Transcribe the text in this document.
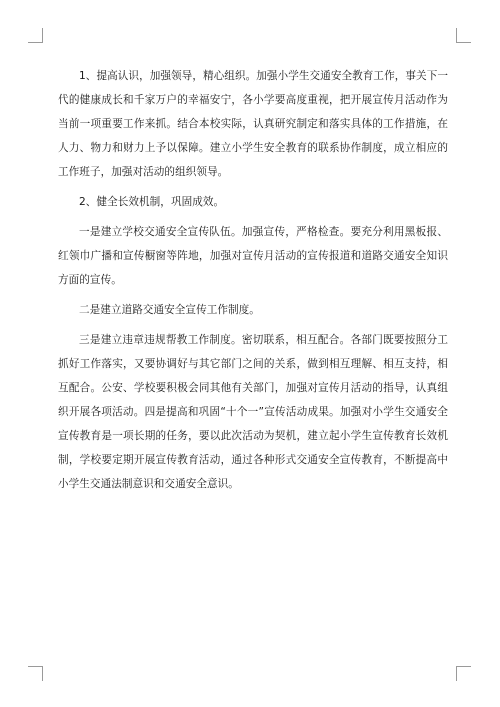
1、提高认识，加强领导，精心组织。加强小学生交通安全教育工作，事关下一代的健康成长和千家万户的幸福安宁，各小学要高度重视，把开展宣传月活动作为当前一项重要工作来抓。结合本校实际，认真研究制定和落实具体的工作措施，在人力、物力和财力上予以保障。建立小学生安全教育的联系协作制度，成立相应的工作班子，加强对活动的组织领导。

2、健全长效机制，巩固成效。

一是建立学校交通安全宣传队伍。加强宣传，严格检查。要充分利用黑板报、红领巾广播和宣传橱窗等阵地，加强对宣传月活动的宣传报道和道路交通安全知识方面的宣传。

二是建立道路交通安全宣传工作制度。

三是建立违章违规帮教工作制度。密切联系，相互配合。各部门既要按照分工抓好工作落实，又要协调好与其它部门之间的关系，做到相互理解、相互支持，相互配合。公安、学校要积极会同其他有关部门，加强对宣传月活动的指导，认真组织开展各项活动。四是提高和巩固“十个一”宣传活动成果。加强对小学生交通安全宣传教育是一项长期的任务，要以此次活动为契机，建立起小学生宣传教育长效机制，学校要定期开展宣传教育活动，通过各种形式交通安全宣传教育，不断提高中小学生交通法制意识和交通安全意识。
